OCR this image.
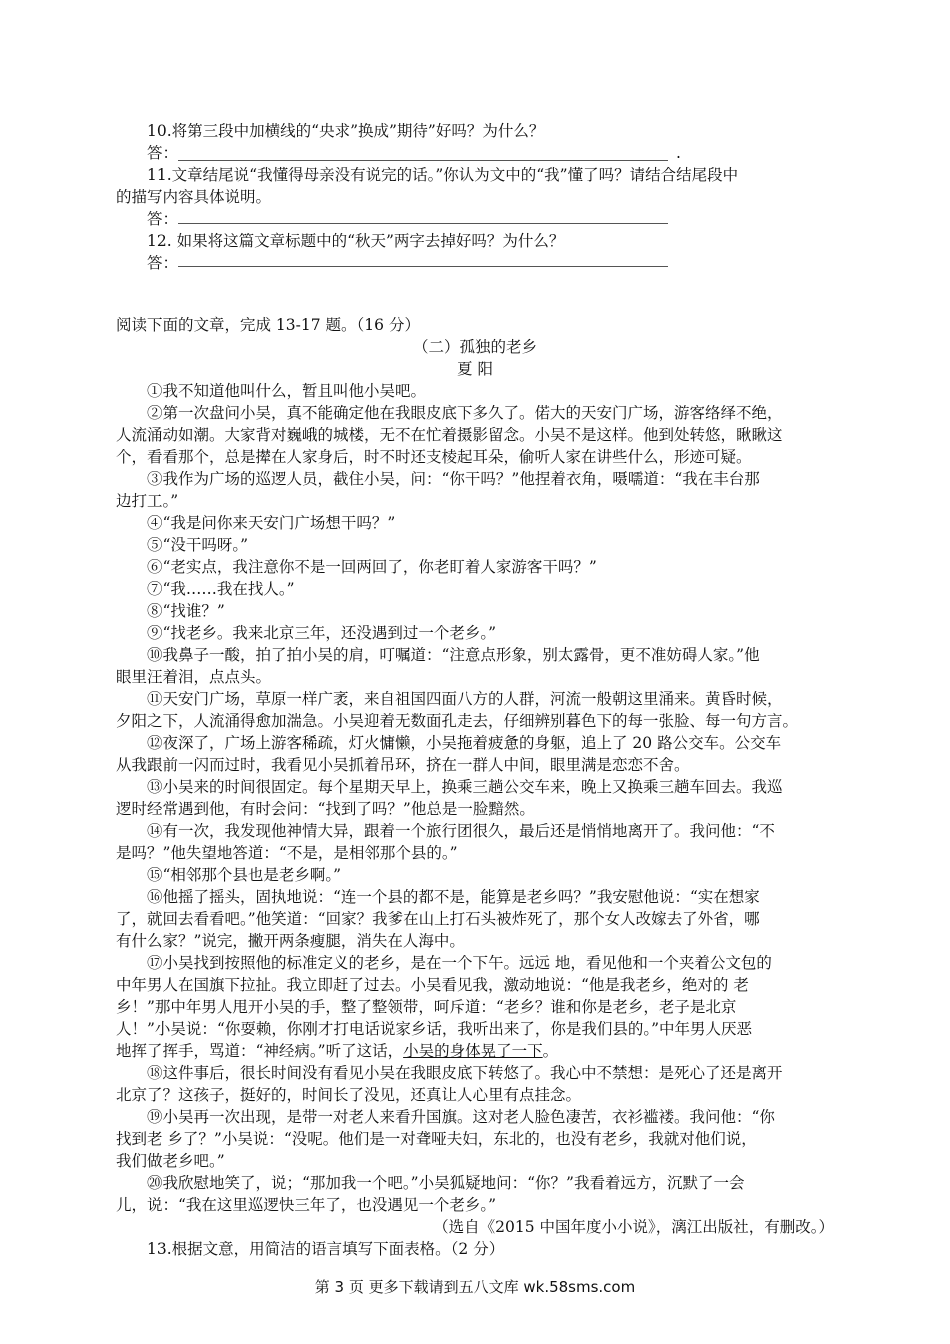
10.将第三段中加横线的“央求”换成”期待”好吗？为什么？
答：	.
11.文章结尾说“我懂得母亲没有说完的话。”你认为文中的“我”懂了吗？请结合结尾段中
的描写内容具体说明。
答：
12. 如果将这篇文章标题中的“秋天”两字去掉好吗？为什么？
答：
阅读下面的文章，完成 13-17 题。（16 分）
（二）孤独的老乡
夏 阳
①我不知道他叫什么，暂且叫他小吴吧。
②第一次盘问小吴，真不能确定他在我眼皮底下多久了。偌大的天安门广场，游客络绎不绝，
人流涌动如潮。大家背对巍峨的城楼，无不在忙着摄影留念。小吴不是这样。他到处转悠，瞅瞅这
个，看看那个，总是撵在人家身后，时不时还支棱起耳朵，偷听人家在讲些什么，形迹可疑。
③我作为广场的巡逻人员，截住小吴，问：“你干吗？”他捏着衣角，嗫嚅道：“我在丰台那
边打工。”
④“我是问你来天安门广场想干吗？”
⑤“没干吗呀。”
⑥“老实点，我注意你不是一回两回了，你老盯着人家游客干吗？”
⑦“我……我在找人。”
⑧“找谁？”
⑨“找老乡。我来北京三年，还没遇到过一个老乡。”
⑩我鼻子一酸，拍了拍小吴的肩，叮嘱道：“注意点形象，别太露骨，更不准妨碍人家。”他
眼里汪着泪，点点头。
⑪天安门广场，草原一样广袤，来自祖国四面八方的人群，河流一般朝这里涌来。黄昏时候，
夕阳之下，人流涌得愈加湍急。小吴迎着无数面孔走去，仔细辨别暮色下的每一张脸、每一句方言。
⑫夜深了，广场上游客稀疏，灯火慵懒，小吴拖着疲惫的身躯，追上了 20 路公交车。公交车
从我跟前一闪而过时，我看见小吴抓着吊环，挤在一群人中间，眼里满是恋恋不舍。
⑬小吴来的时间很固定。每个星期天早上，换乘三趟公交车来，晚上又换乘三趟车回去。我巡
逻时经常遇到他，有时会问：“找到了吗？”他总是一脸黯然。
⑭有一次，我发现他神情大异，跟着一个旅行团很久，最后还是悄悄地离开了。我问他：“不
是吗？”他失望地答道：“不是，是相邻那个县的。”
⑮“相邻那个县也是老乡啊。”
⑯他摇了摇头，固执地说：“连一个县的都不是，能算是老乡吗？”我安慰他说：“实在想家
了，就回去看看吧。”他笑道：“回家？我爹在山上打石头被炸死了，那个女人改嫁去了外省，哪
有什么家？”说完，撇开两条瘦腿，消失在人海中。
⑰小吴找到按照他的标准定义的老乡，是在一个下午。远远 地，看见他和一个夹着公文包的
中年男人在国旗下拉扯。我立即赶了过去。小吴看见我，激动地说：“他是我老乡，绝对的 老
乡！”那中年男人甩开小吴的手，整了整领带，呵斥道：“老乡？谁和你是老乡，老子是北京
人！”小吴说：“你耍赖，你刚才打电话说家乡话，我听出来了，你是我们县的。”中年男人厌恶
地挥了挥手，骂道：“神经病。”听了这话，小吴的身体晃了一下。
⑱这件事后，很长时间没有看见小吴在我眼皮底下转悠了。我心中不禁想：是死心了还是离开
北京了？这孩子，挺好的，时间长了没见，还真让人心里有点挂念。
⑲小吴再一次出现，是带一对老人来看升国旗。这对老人脸色凄苦，衣衫褴褛。我问他：“你
找到老 乡了？”小吴说：“没呢。他们是一对聋哑夫妇，东北的，也没有老乡，我就对他们说，
我们做老乡吧。”
⑳我欣慰地笑了，说；“那加我一个吧。”小吴狐疑地问：“你？”我看着远方，沉默了一会
儿，说：“我在这里巡逻快三年了，也没遇见一个老乡。”
（选自《2015 中国年度小小说》，漓江出版社，有删改。）
13.根据文意，用简洁的语言填写下面表格。（2 分）
第 3 页 更多下载请到五八文库 wk.58sms.com
